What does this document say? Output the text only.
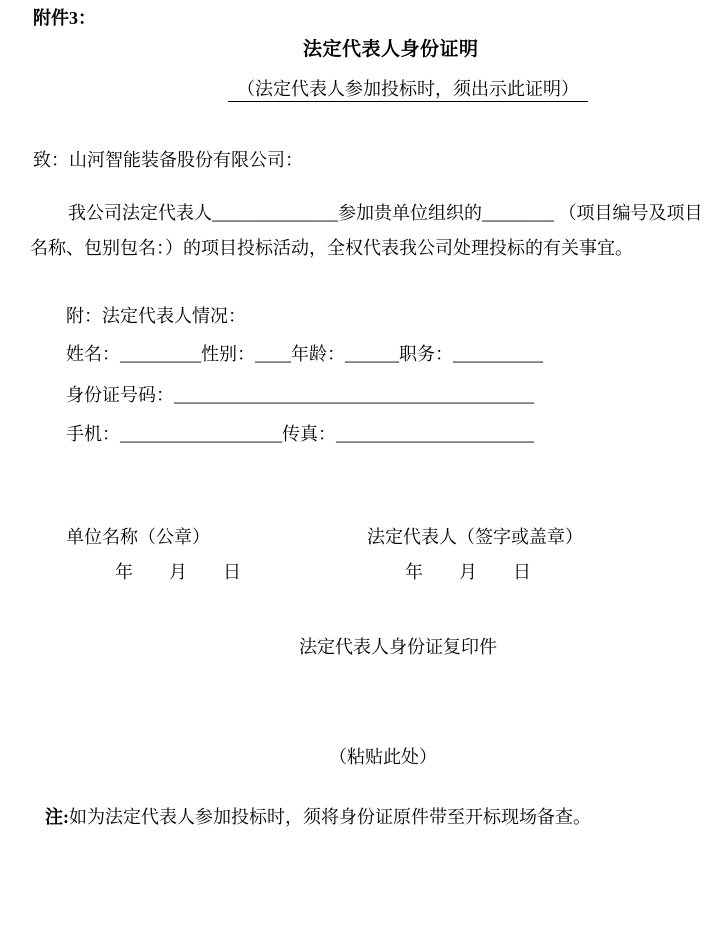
附件3：
法定代表人身份证明
（法定代表人参加投标时，须出示此证明）
致：山河智能装备股份有限公司：
我公司法定代表人______________参加贵单位组织的________ （项目编号及项目名称、包别包名：）的项目投标活动，全权代表我公司处理投标的有关事宜。
附：法定代表人情况：
姓名：_________性别：____年龄：______职务：__________
身份证号码：________________________________________
手机：__________________传真：______________________
单位名称（公章）
年　　月　　日
法定代表人（签字或盖章）
年　　月　　日
法定代表人身份证复印件
（粘贴此处）
注:如为法定代表人参加投标时，须将身份证原件带至开标现场备查。
